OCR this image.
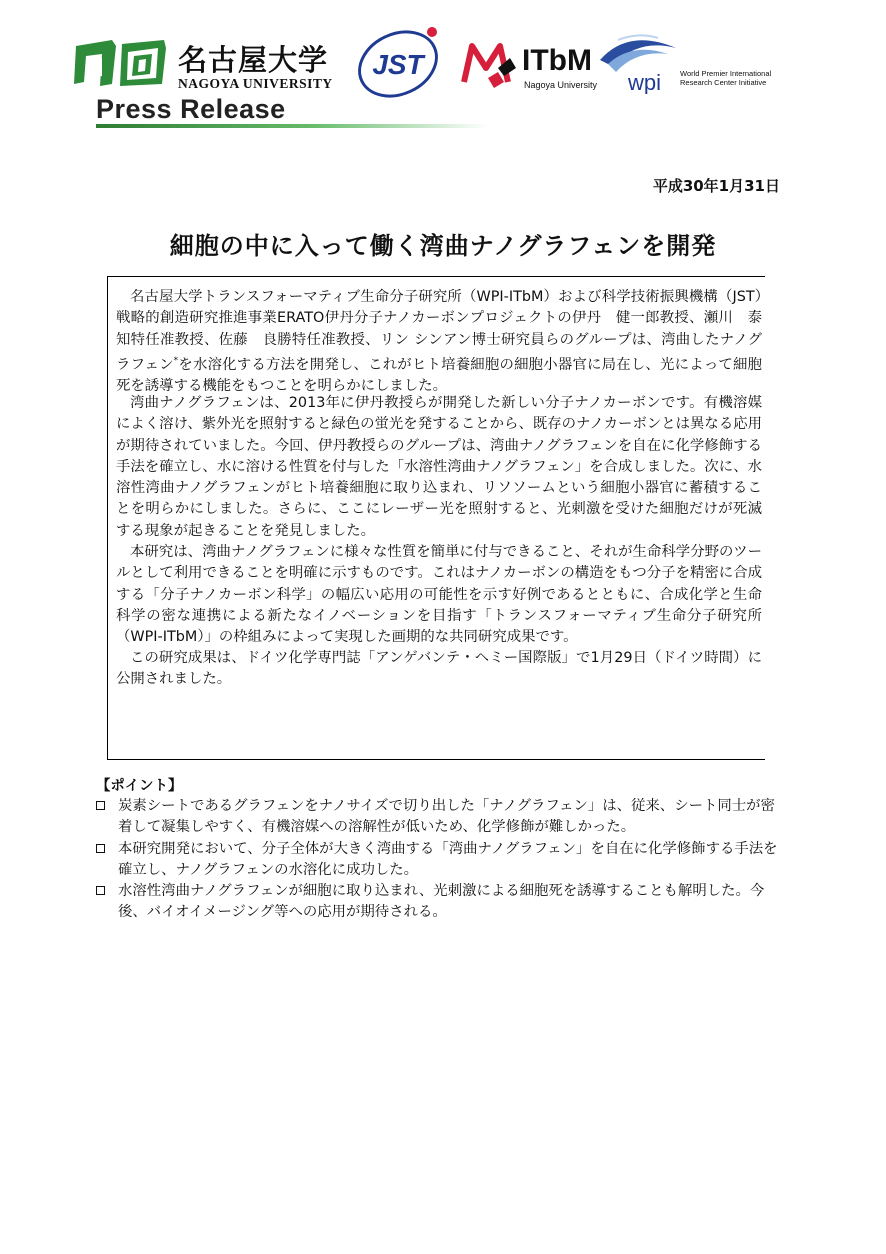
名古屋大学
NAGOYA UNIVERSITY
JST	ITbM
Nagoya University wpi	World Premier International
Research Center Initiative
Press Release
平成30年1月31日
細胞の中に入って働く湾曲ナノグラフェンを開発
名古屋大学トランスフォーマティブ生命分子研究所（WPI-ITbM）および科学技術振興機構（JST）戦略的創造研究推進事業ERATO伊丹分子ナノカーボンプロジェクトの伊丹　健一郎教授、瀬川　泰知特任准教授、佐藤　良勝特任准教授、リン シンアン博士研究員らのグループは、湾曲したナノグラフェン*を水溶化する方法を開発し、これがヒト培養細胞の細胞小器官に局在し、光によって細胞死を誘導する機能をもつことを明らかにしました。
湾曲ナノグラフェンは、2013年に伊丹教授らが開発した新しい分子ナノカーボンです。有機溶媒によく溶け、紫外光を照射すると緑色の蛍光を発することから、既存のナノカーボンとは異なる応用が期待されていました。今回、伊丹教授らのグループは、湾曲ナノグラフェンを自在に化学修飾する手法を確立し、水に溶ける性質を付与した「水溶性湾曲ナノグラフェン」を合成しました。次に、水溶性湾曲ナノグラフェンがヒト培養細胞に取り込まれ、リソソームという細胞小器官に蓄積することを明らかにしました。さらに、ここにレーザー光を照射すると、光刺激を受けた細胞だけが死滅する現象が起きることを発見しました。
本研究は、湾曲ナノグラフェンに様々な性質を簡単に付与できること、それが生命科学分野のツールとして利用できることを明確に示すものです。これはナノカーボンの構造をもつ分子を精密に合成する「分子ナノカーボン科学」の幅広い応用の可能性を示す好例であるとともに、合成化学と生命科学の密な連携による新たなイノベーションを目指す「トランスフォーマティブ生命分子研究所（WPI-ITbM）」の枠組みによって実現した画期的な共同研究成果です。
この研究成果は、ドイツ化学専門誌「アンゲバンテ・ヘミー国際版」で1月29日（ドイツ時間）に公開されました。
【ポイント】
炭素シートであるグラフェンをナノサイズで切り出した「ナノグラフェン」は、従来、シート同士が密着して凝集しやすく、有機溶媒への溶解性が低いため、化学修飾が難しかった。
本研究開発において、分子全体が大きく湾曲する「湾曲ナノグラフェン」を自在に化学修飾する手法を確立し、ナノグラフェンの水溶化に成功した。
水溶性湾曲ナノグラフェンが細胞に取り込まれ、光刺激による細胞死を誘導することも解明した。今後、バイオイメージング等への応用が期待される。
